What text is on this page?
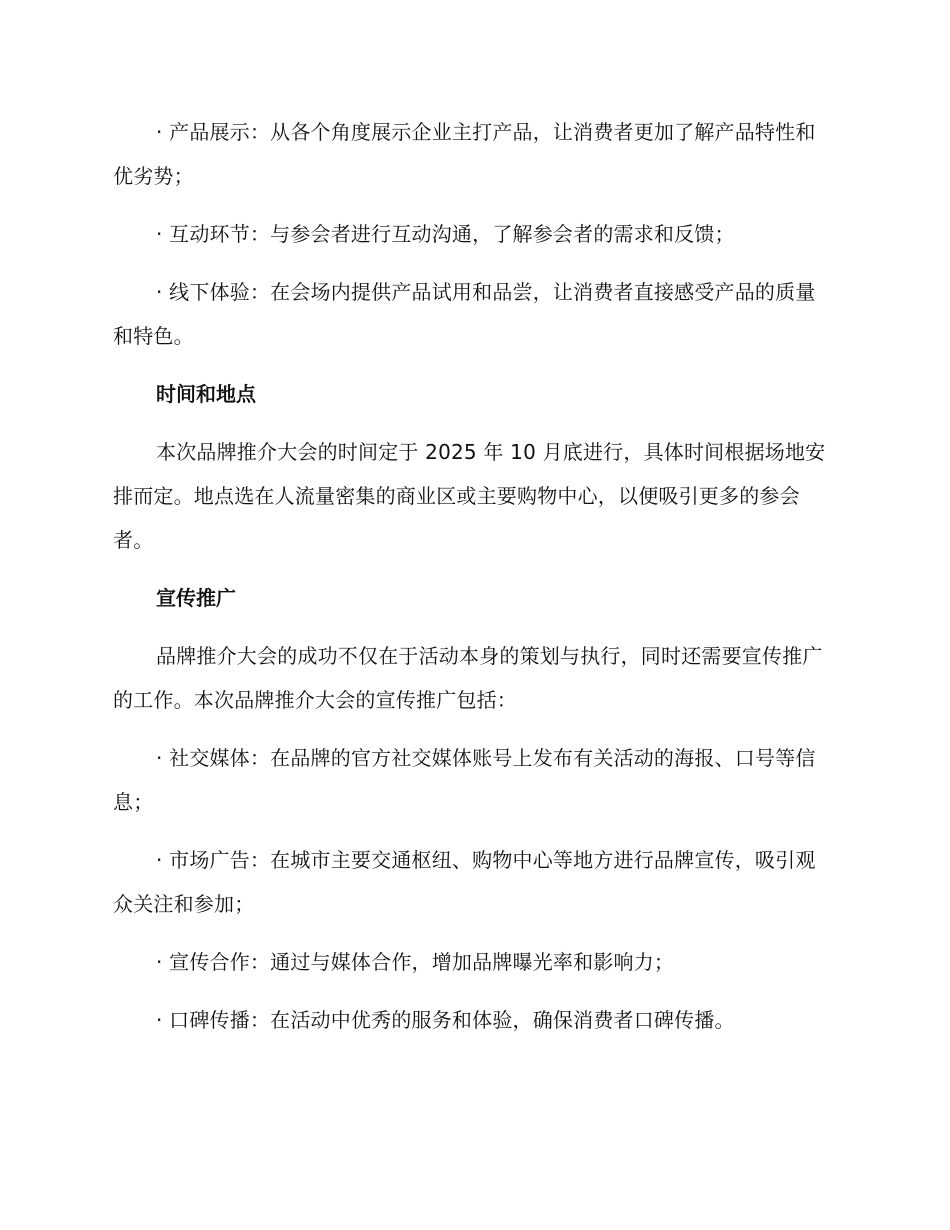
· 产品展示：从各个角度展示企业主打产品，让消费者更加了解产品特性和优劣势；

· 互动环节：与参会者进行互动沟通，了解参会者的需求和反馈；

· 线下体验：在会场内提供产品试用和品尝，让消费者直接感受产品的质量和特色。

时间和地点

本次品牌推介大会的时间定于 2025 年 10 月底进行，具体时间根据场地安排而定。地点选在人流量密集的商业区或主要购物中心，以便吸引更多的参会者。

宣传推广

品牌推介大会的成功不仅在于活动本身的策划与执行，同时还需要宣传推广的工作。本次品牌推介大会的宣传推广包括：

· 社交媒体：在品牌的官方社交媒体账号上发布有关活动的海报、口号等信息；

· 市场广告：在城市主要交通枢纽、购物中心等地方进行品牌宣传，吸引观众关注和参加；

· 宣传合作：通过与媒体合作，增加品牌曝光率和影响力；

· 口碑传播：在活动中优秀的服务和体验，确保消费者口碑传播。
